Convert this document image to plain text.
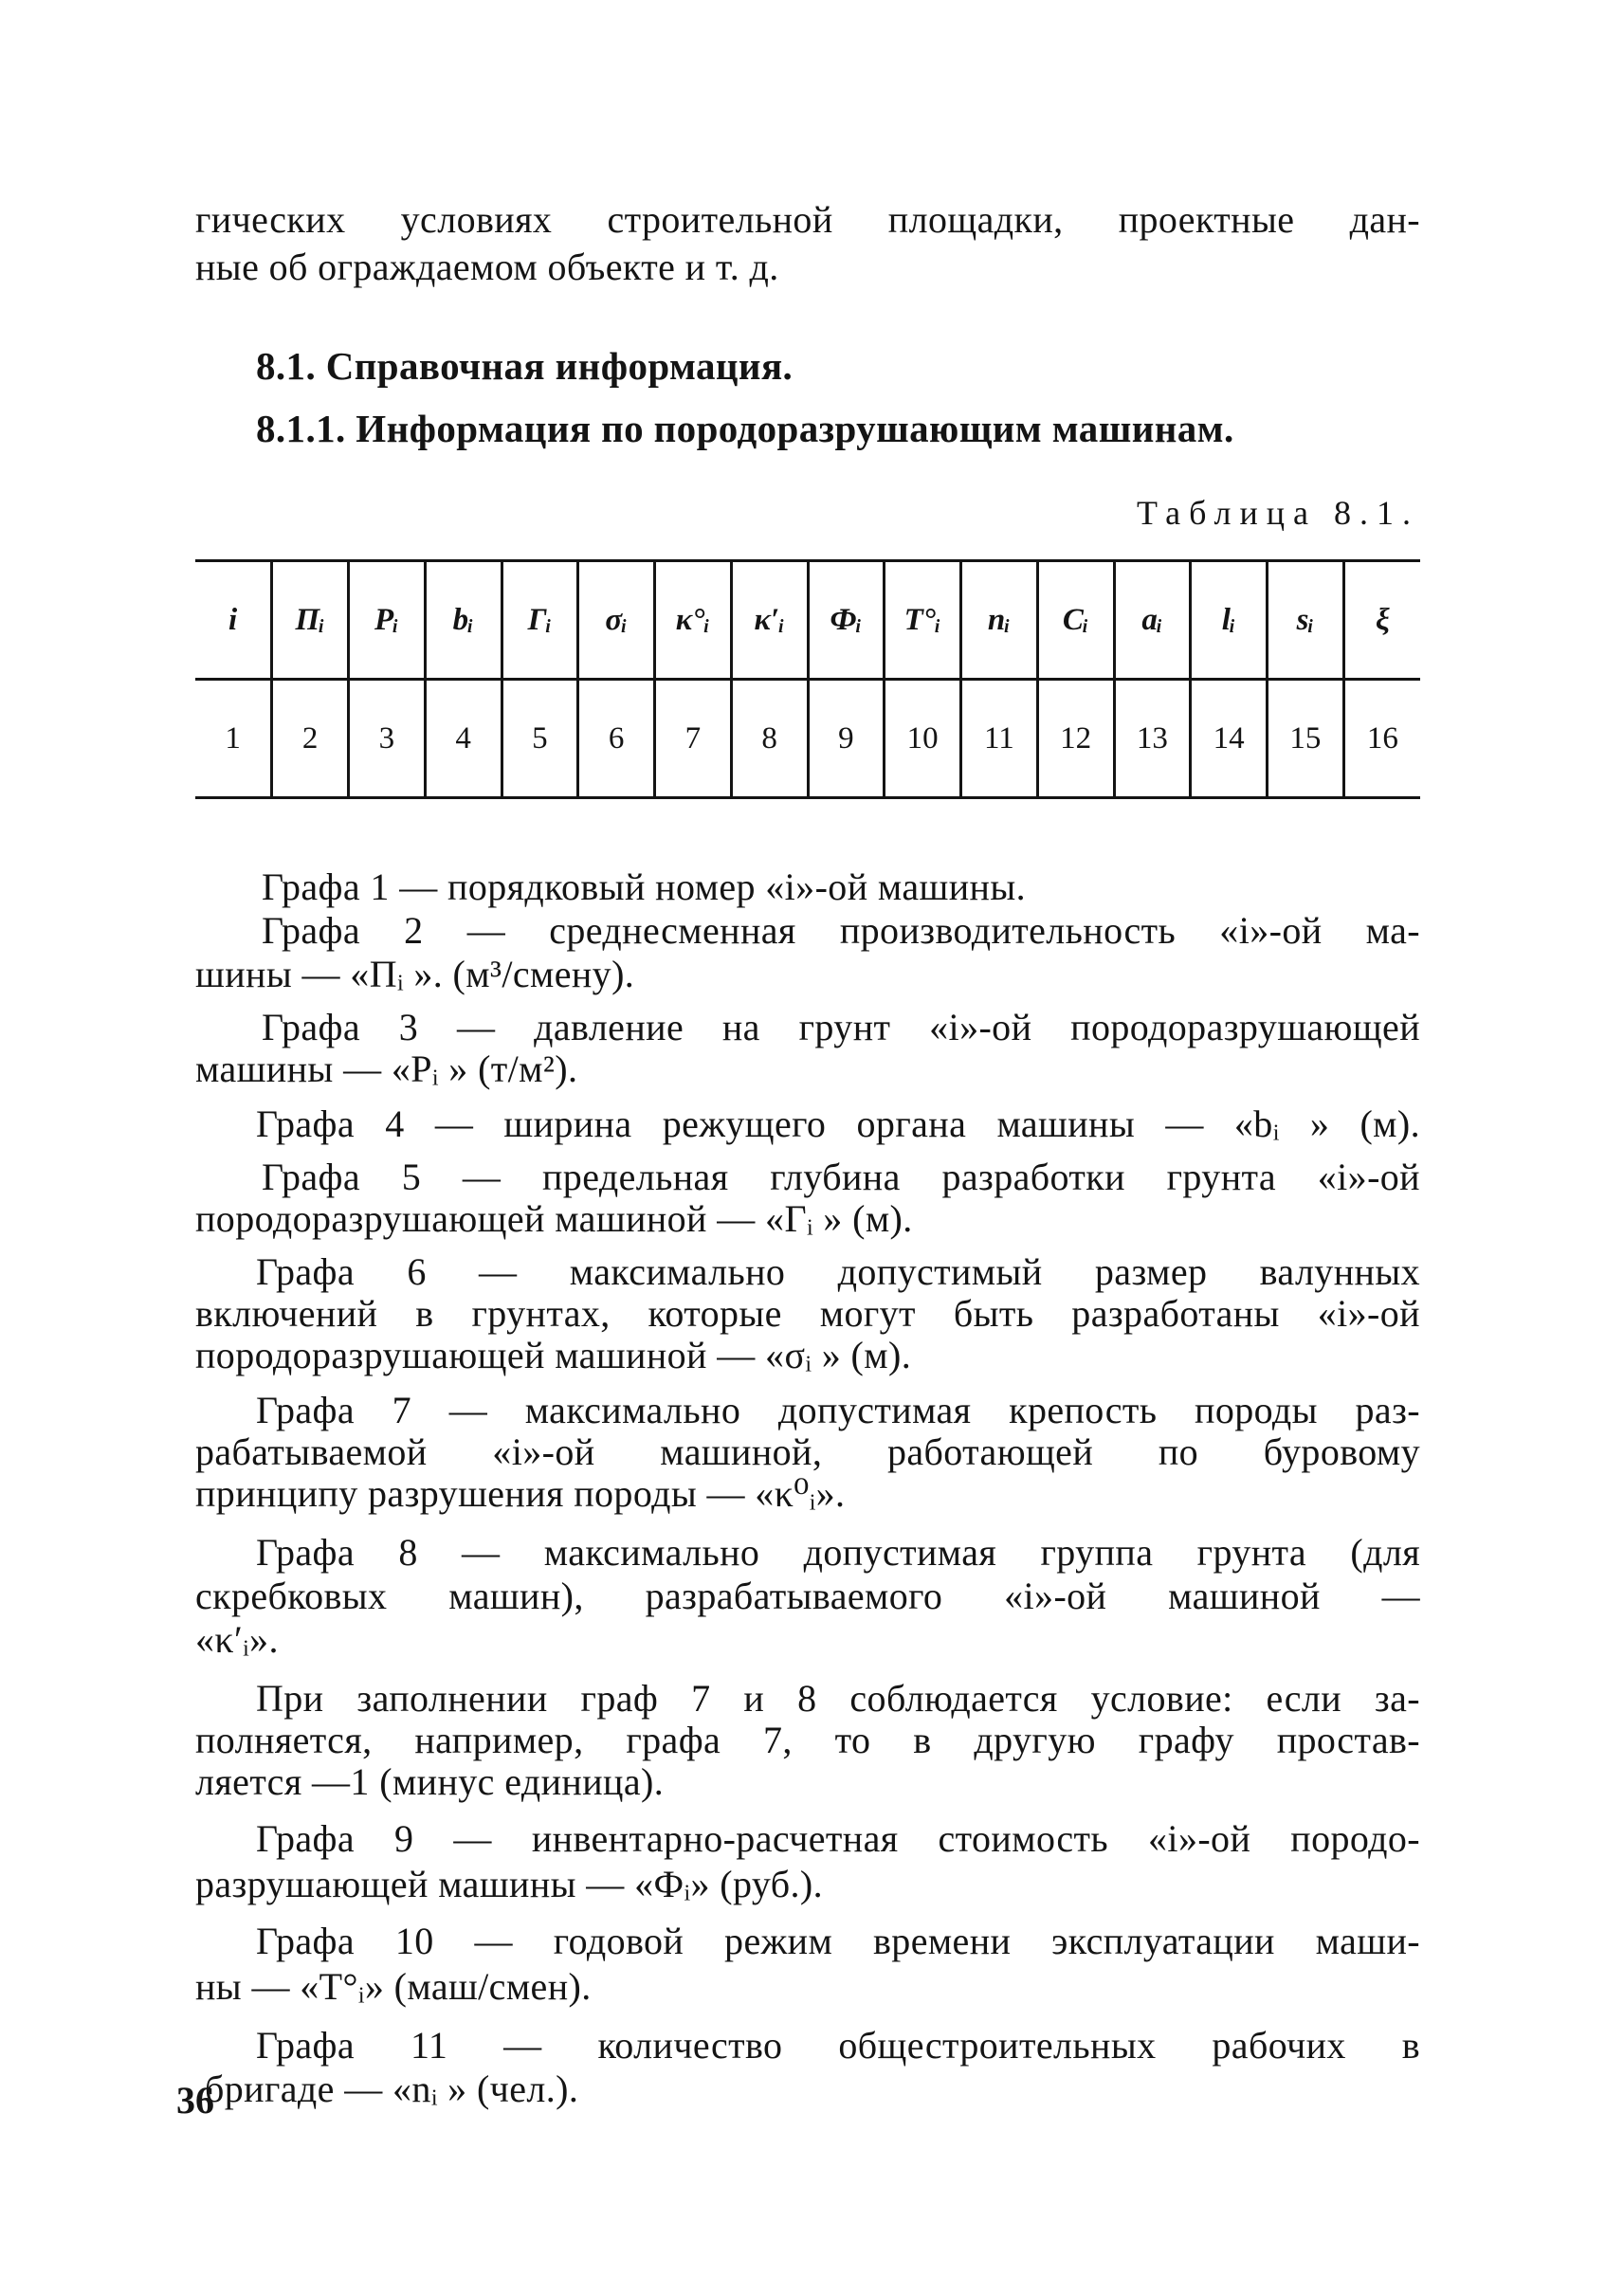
гических условиях строительной площадки, проектные дан-
ные об ограждаемом объекте и т. д.
8.1. Справочная информация.
8.1.1. Информация по породоразрушающим машинам.
Таблица 8.1.
i	Пᵢ	Pᵢ	bᵢ	Гᵢ	σᵢ	κ°ᵢ	κ′ᵢ	Фᵢ	T°ᵢ	nᵢ	Cᵢ	aᵢ	lᵢ	sᵢ	ξ
1	2	3	4	5	6	7	8	9	10	11	12	13	14	15	16
Графа 1 — порядковый номер «i»-ой машины.
Графа 2 — среднесменная производительность «i»-ой ма-
шины — «Пᵢ ». (м³/смену).
Графа 3 — давление на грунт «i»-ой породоразрушающей
машины — «Pᵢ » (т/м²).
Графа 4 — ширина режущего органа машины — «bᵢ » (м).
Графа 5 — предельная глубина разработки грунта «i»-ой
породоразрушающей машиной — «Гᵢ » (м).
Графа 6 — максимально допустимый размер валунных
включений в грунтах, которые могут быть разработаны «i»-ой
породоразрушающей машиной — «σᵢ » (м).
Графа 7 — максимально допустимая крепость породы раз-
рабатываемой «i»-ой машиной, работающей по буровому
принципу разрушения породы — «κ⁰ᵢ».
Графа 8 — максимально допустимая группа грунта (для
скребковых машин), разрабатываемого «i»-ой машиной —
«κ′ᵢ».
При заполнении граф 7 и 8 соблюдается условие: если за-
полняется, например, графа 7, то в другую графу простав-
ляется —1 (минус единица).
Графа 9 — инвентарно-расчетная стоимость «i»-ой породо-
разрушающей машины — «Фᵢ» (руб.).
Графа 10 — годовой режим времени эксплуатации маши-
ны — «T°ᵢ» (маш/смен).
Графа 11 — количество общестроительных рабочих в
бригаде — «nᵢ » (чел.).
36
